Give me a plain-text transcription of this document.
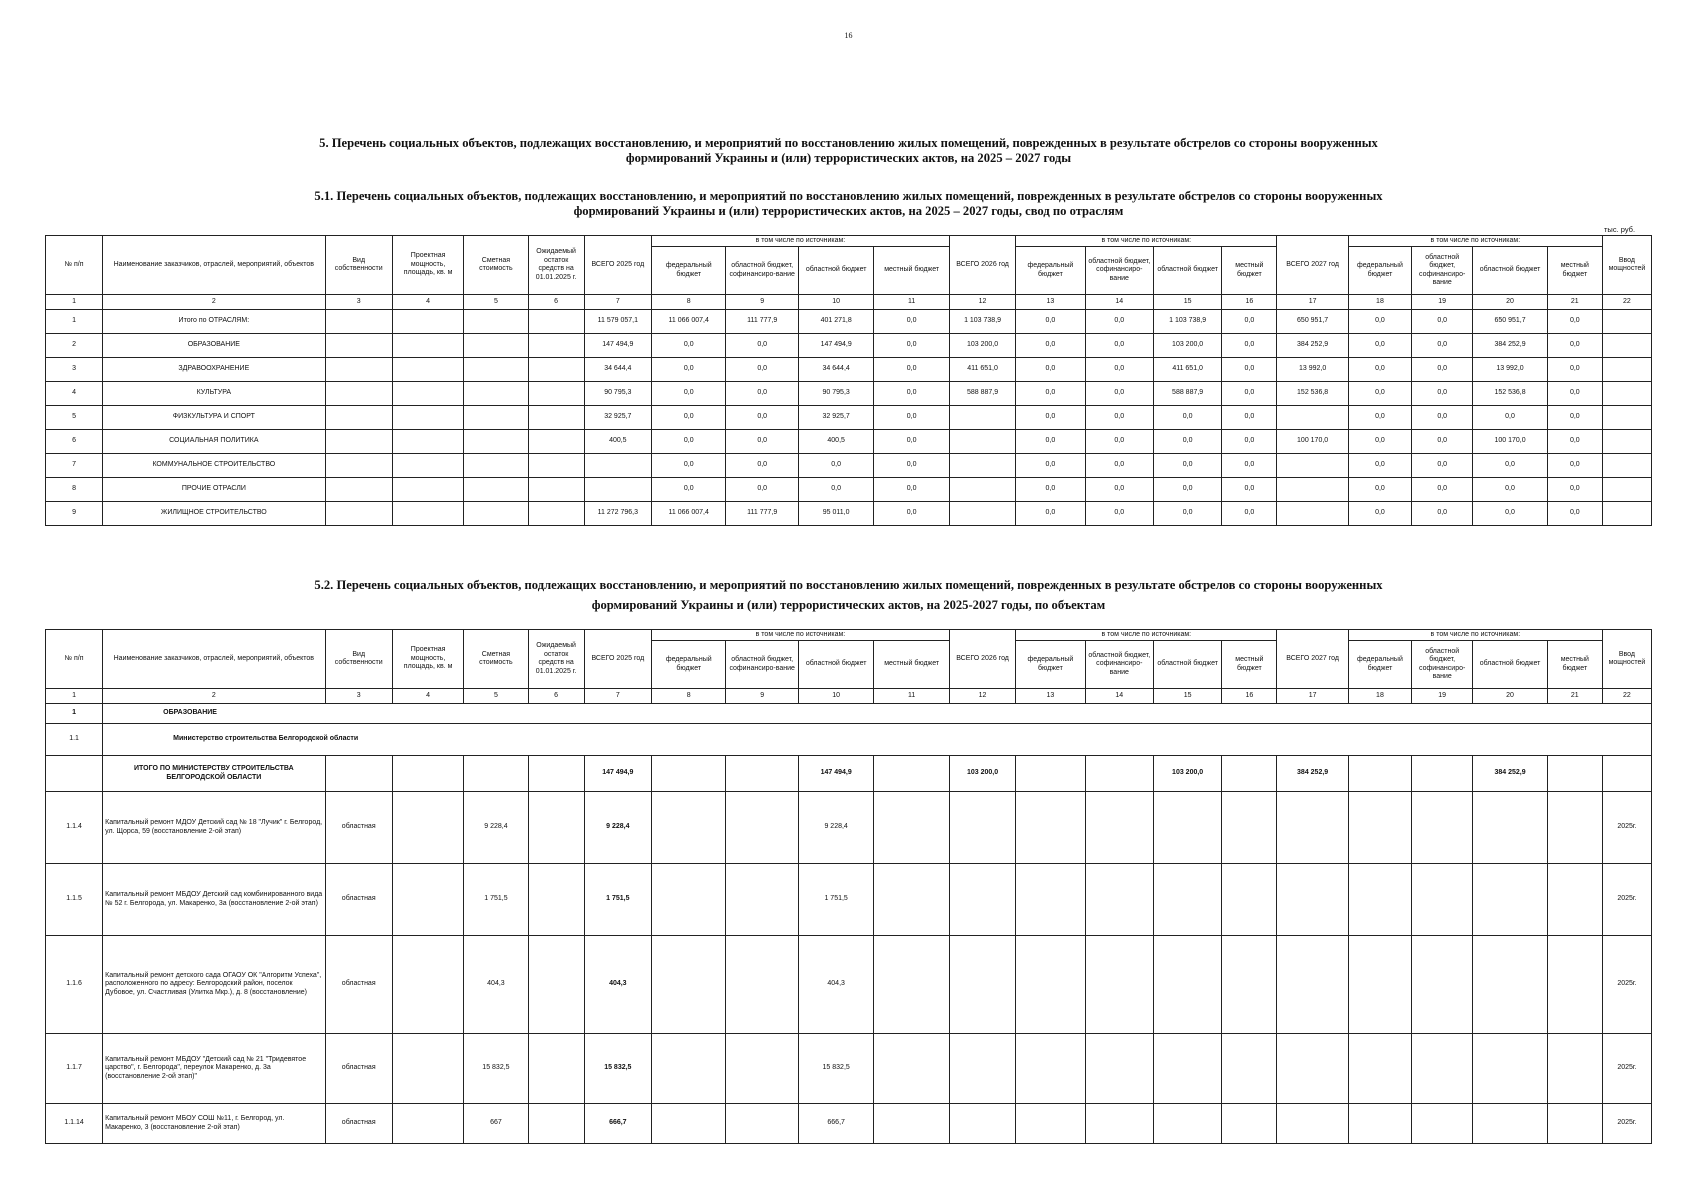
16
5. Перечень социальных объектов, подлежащих восстановлению, и мероприятий по восстановлению жилых помещений, поврежденных в результате обстрелов со стороны вооруженных
формирований Украины и (или) террористических актов, на 2025 – 2027 годы
5.1. Перечень социальных объектов, подлежащих восстановлению, и мероприятий по восстановлению жилых помещений, поврежденных в результате обстрелов со стороны вооруженных
формирований Украины и (или) террористических актов, на 2025 – 2027 годы, свод по отраслям
тыс. руб.
5.2. Перечень социальных объектов, подлежащих восстановлению, и мероприятий по восстановлению жилых помещений, поврежденных в результате обстрелов со стороны вооруженных
формирований Украины и (или) террористических актов, на 2025-2027 годы, по объектам
№ п/п	Наименование заказчиков, отраслей, мероприятий, объектов	Вид собственности	Проектная мощность, площадь, кв. м	Сметная стоимость	Ожидаемый остаток средств на 01.01.2025 г.	ВСЕГО 2025 год	в том числе по источникам:				ВСЕГО 2026 год	в том числе по источникам:				ВСЕГО 2027 год	в том числе по источникам:				Ввод мощностей
							федеральный бюджет	областной бюджет, софинансиро-вание	областной бюджет	местный бюджет		федеральный бюджет	областной бюджет, софинансиро-вание	областной бюджет	местный бюджет		федеральный бюджет	областной бюджет, софинансиро-вание	областной бюджет	местный бюджет	
1	2	3	4	5	6	7	8	9	10	11	12	13	14	15	16	17	18	19	20	21	22
1	Итого по ОТРАСЛЯМ:					11 579 057,1	11 066 007,4	111 777,9	401 271,8	0,0	1 103 738,9	0,0	0,0	1 103 738,9	0,0	650 951,7	0,0	0,0	650 951,7	0,0	
2	ОБРАЗОВАНИЕ					147 494,9	0,0	0,0	147 494,9	0,0	103 200,0	0,0	0,0	103 200,0	0,0	384 252,9	0,0	0,0	384 252,9	0,0	
3	ЗДРАВООХРАНЕНИЕ					34 644,4	0,0	0,0	34 644,4	0,0	411 651,0	0,0	0,0	411 651,0	0,0	13 992,0	0,0	0,0	13 992,0	0,0	
4	КУЛЬТУРА					90 795,3	0,0	0,0	90 795,3	0,0	588 887,9	0,0	0,0	588 887,9	0,0	152 536,8	0,0	0,0	152 536,8	0,0	
5	ФИЗКУЛЬТУРА И СПОРТ					32 925,7	0,0	0,0	32 925,7	0,0		0,0	0,0	0,0	0,0		0,0	0,0	0,0	0,0	
6	СОЦИАЛЬНАЯ ПОЛИТИКА					400,5	0,0	0,0	400,5	0,0		0,0	0,0	0,0	0,0	100 170,0	0,0	0,0	100 170,0	0,0	
7	КОММУНАЛЬНОЕ СТРОИТЕЛЬСТВО						0,0	0,0	0,0	0,0		0,0	0,0	0,0	0,0		0,0	0,0	0,0	0,0	
8	ПРОЧИЕ ОТРАСЛИ						0,0	0,0	0,0	0,0		0,0	0,0	0,0	0,0		0,0	0,0	0,0	0,0	
9	ЖИЛИЩНОЕ СТРОИТЕЛЬСТВО					11 272 796,3	11 066 007,4	111 777,9	95 011,0	0,0		0,0	0,0	0,0	0,0		0,0	0,0	0,0	0,0	
№ п/п	Наименование заказчиков, отраслей, мероприятий, объектов	Вид собственности	Проектная мощность, площадь, кв. м	Сметная стоимость	Ожидаемый остаток средств на 01.01.2025 г.	ВСЕГО 2025 год	в том числе по источникам:				ВСЕГО 2026 год	в том числе по источникам:				ВСЕГО 2027 год	в том числе по источникам:				Ввод мощностей
							федеральный бюджет	областной бюджет, софинансиро-вание	областной бюджет	местный бюджет		федеральный бюджет	областной бюджет, софинансиро-вание	областной бюджет	местный бюджет		федеральный бюджет	областной бюджет, софинансиро-вание	областной бюджет	местный бюджет	
1	2	3	4	5	6	7	8	9	10	11	12	13	14	15	16	17	18	19	20	21	22
1	ОБРАЗОВАНИЕ																				
1.1	Министерство строительства Белгородской области																				
	ИТОГО ПО МИНИСТЕРСТВУ СТРОИТЕЛЬСТВА БЕЛГОРОДСКОЙ ОБЛАСТИ					147 494,9			147 494,9		103 200,0			103 200,0		384 252,9			384 252,9		
1.1.4	Капитальный ремонт МДОУ Детский сад № 18 "Лучик" г. Белгород, ул. Щорса, 59 (восстановление 2-ой этап)	областная		9 228,4		9 228,4			9 228,4												2025г.
1.1.5	Капитальный ремонт МБДОУ Детский сад комбинированного вида № 52 г. Белгорода, ул. Макаренко, 3а (восстановление 2-ой этап)	областная		1 751,5		1 751,5			1 751,5												2025г.
1.1.6	Капитальный ремонт детского сада ОГАОУ ОК "Алгоритм Успеха", расположенного по адресу: Белгородский район, поселок Дубовое, ул. Счастливая (Улитка Мкр.), д. 8 (восстановление)	областная		404,3		404,3			404,3												2025г.
1.1.7	Капитальный ремонт МБДОУ "Детский сад № 21 "Тридевятое царство", г. Белгорода", переулок Макаренко, д. 3а (восстановление 2-ой этап)"	областная		15 832,5		15 832,5			15 832,5												2025г.
1.1.14	Капитальный ремонт МБОУ СОШ №11, г. Белгород, ул. Макаренко, 3 (восстановление 2-ой этап)	областная		667		666,7			666,7												2025г.
